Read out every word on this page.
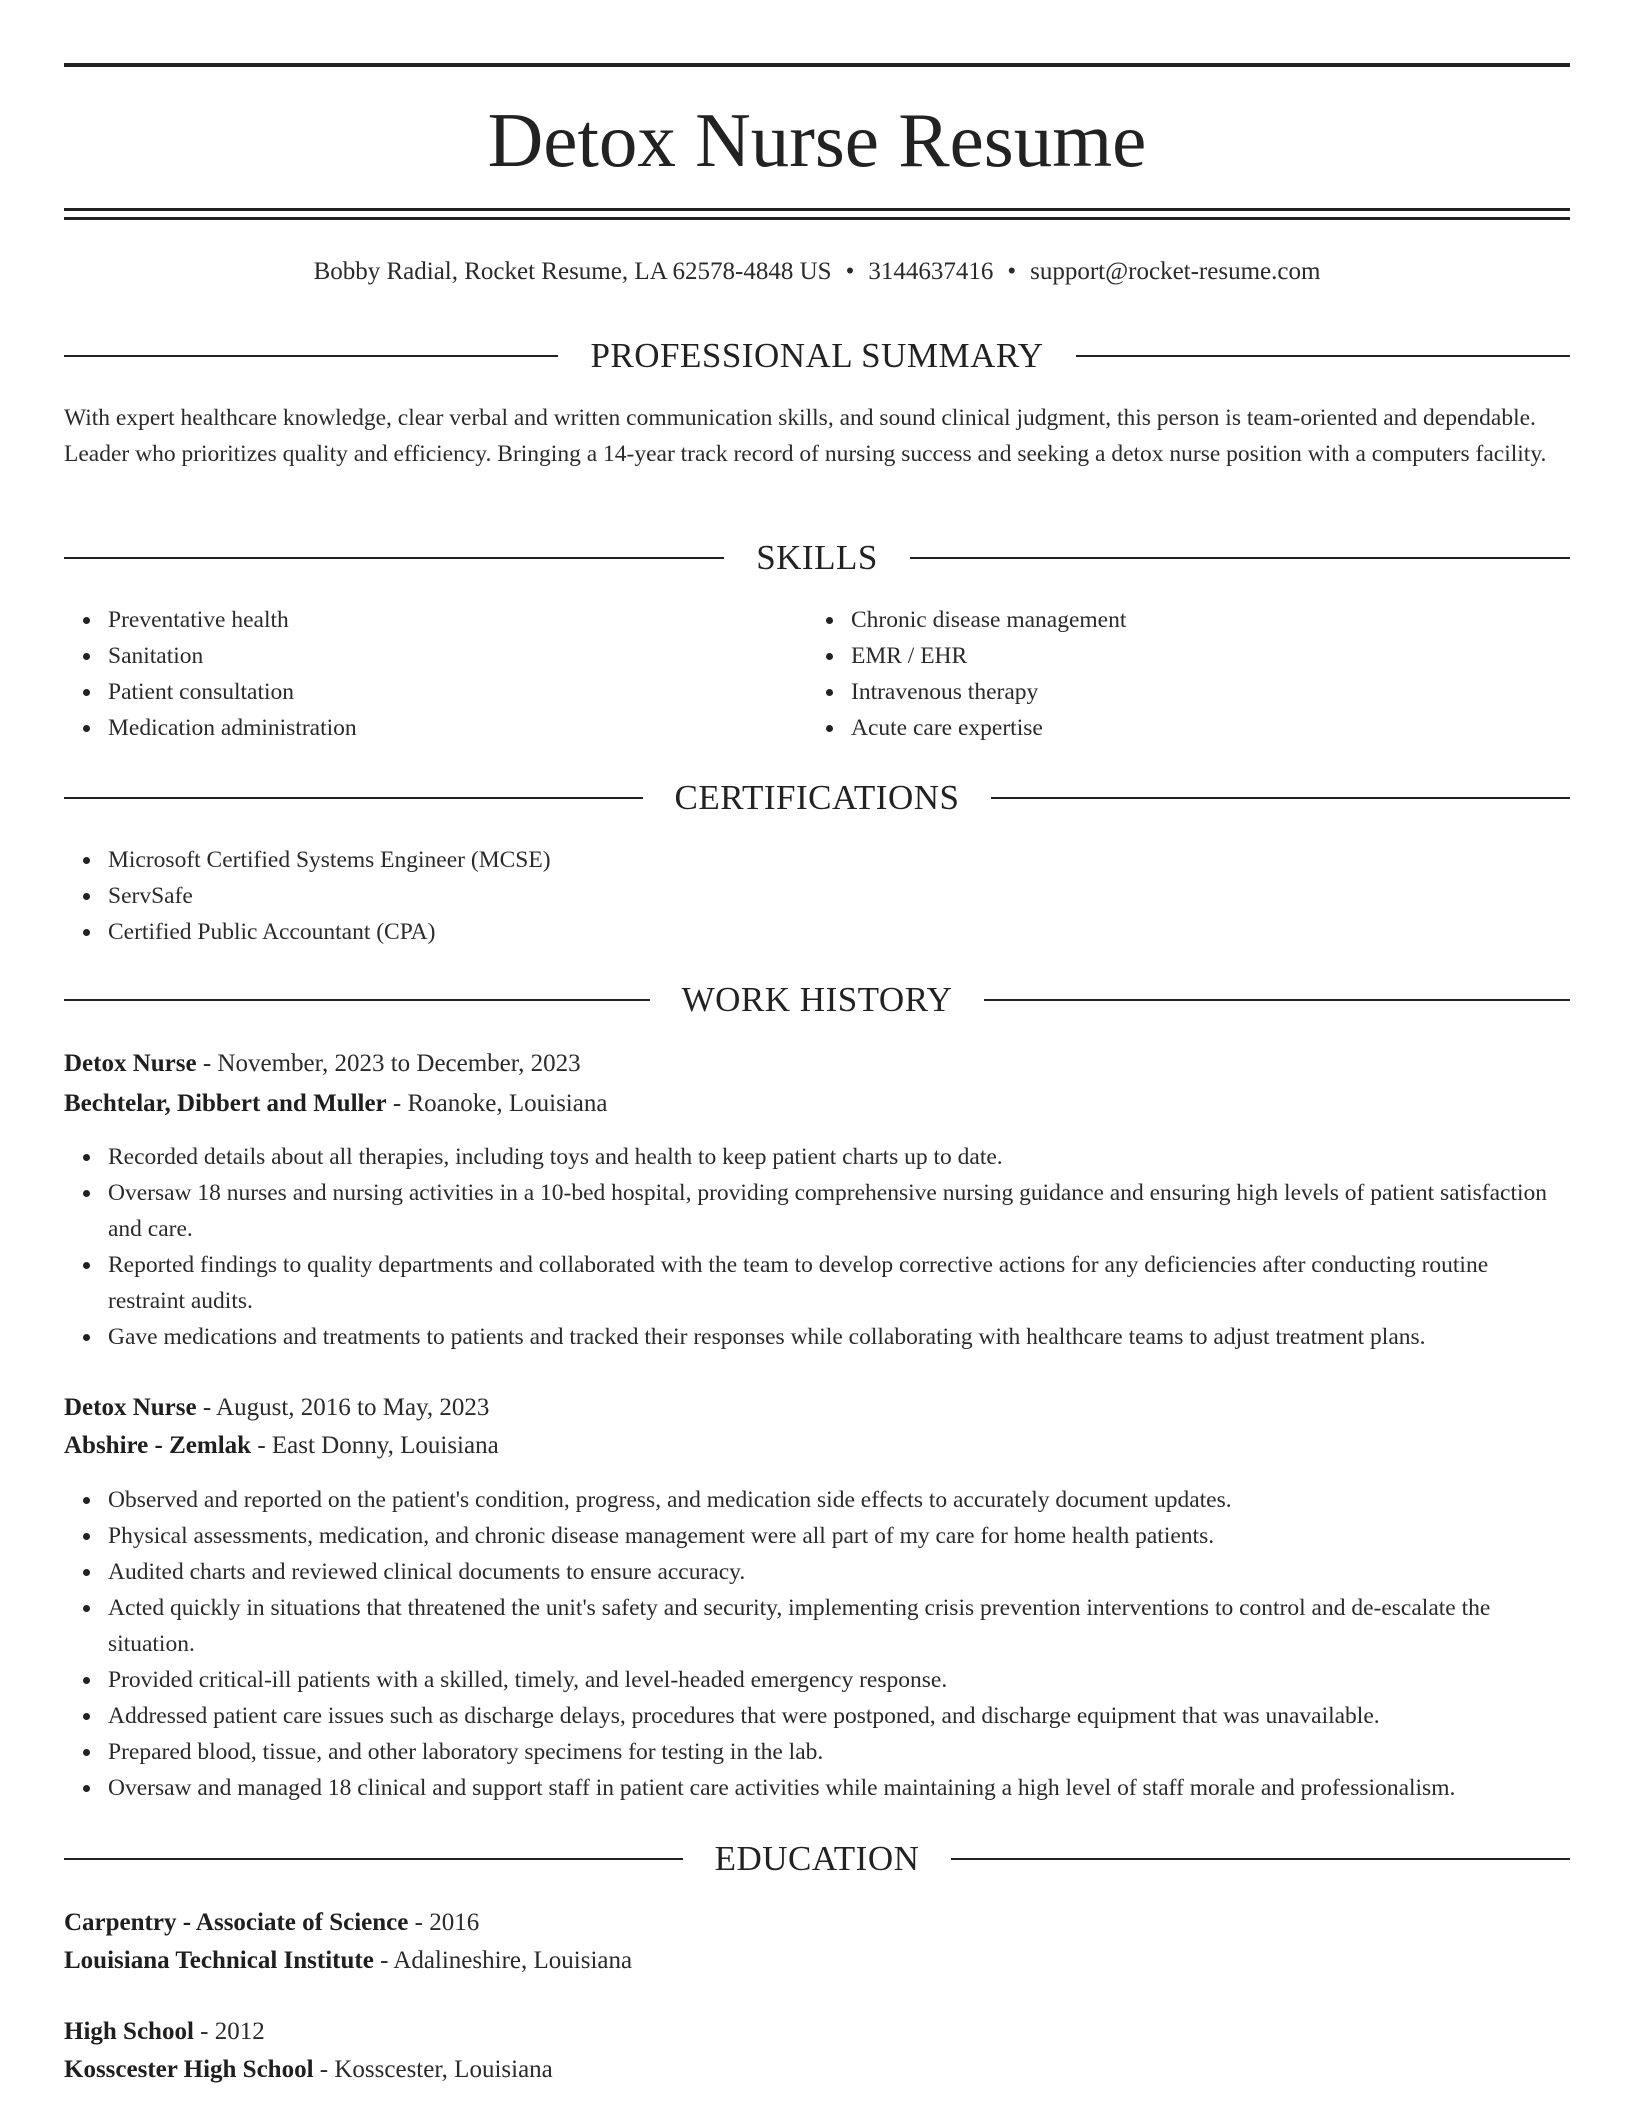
Detox Nurse Resume
Bobby Radial, Rocket Resume, LA 62578-4848 US • 3144637416 • support@rocket-resume.com
PROFESSIONAL SUMMARY

With expert healthcare knowledge, clear verbal and written communication skills, and sound clinical judgment, this person is team-oriented and dependable. Leader who prioritizes quality and efficiency. Bringing a 14-year track record of nursing success and seeking a detox nurse position with a computers facility.

SKILLS
Preventative health
Sanitation
Patient consultation
Medication administration
Chronic disease management
EMR / EHR
Intravenous therapy
Acute care expertise
CERTIFICATIONS
Microsoft Certified Systems Engineer (MCSE)
ServSafe
Certified Public Accountant (CPA)
WORK HISTORY
Detox Nurse - November, 2023 to December, 2023
Bechtelar, Dibbert and Muller - Roanoke, Louisiana
Recorded details about all therapies, including toys and health to keep patient charts up to date.
Oversaw 18 nurses and nursing activities in a 10-bed hospital, providing comprehensive nursing guidance and ensuring high levels of patient satisfaction and care.
Reported findings to quality departments and collaborated with the team to develop corrective actions for any deficiencies after conducting routine restraint audits.
Gave medications and treatments to patients and tracked their responses while collaborating with healthcare teams to adjust treatment plans.
Detox Nurse - August, 2016 to May, 2023
Abshire - Zemlak - East Donny, Louisiana
Observed and reported on the patient's condition, progress, and medication side effects to accurately document updates.
Physical assessments, medication, and chronic disease management were all part of my care for home health patients.
Audited charts and reviewed clinical documents to ensure accuracy.
Acted quickly in situations that threatened the unit's safety and security, implementing crisis prevention interventions to control and de-escalate the situation.
Provided critical-ill patients with a skilled, timely, and level-headed emergency response.
Addressed patient care issues such as discharge delays, procedures that were postponed, and discharge equipment that was unavailable.
Prepared blood, tissue, and other laboratory specimens for testing in the lab.
Oversaw and managed 18 clinical and support staff in patient care activities while maintaining a high level of staff morale and professionalism.
EDUCATION
Carpentry - Associate of Science - 2016
Louisiana Technical Institute - Adalineshire, Louisiana
High School - 2012
Kosscester High School - Kosscester, Louisiana
